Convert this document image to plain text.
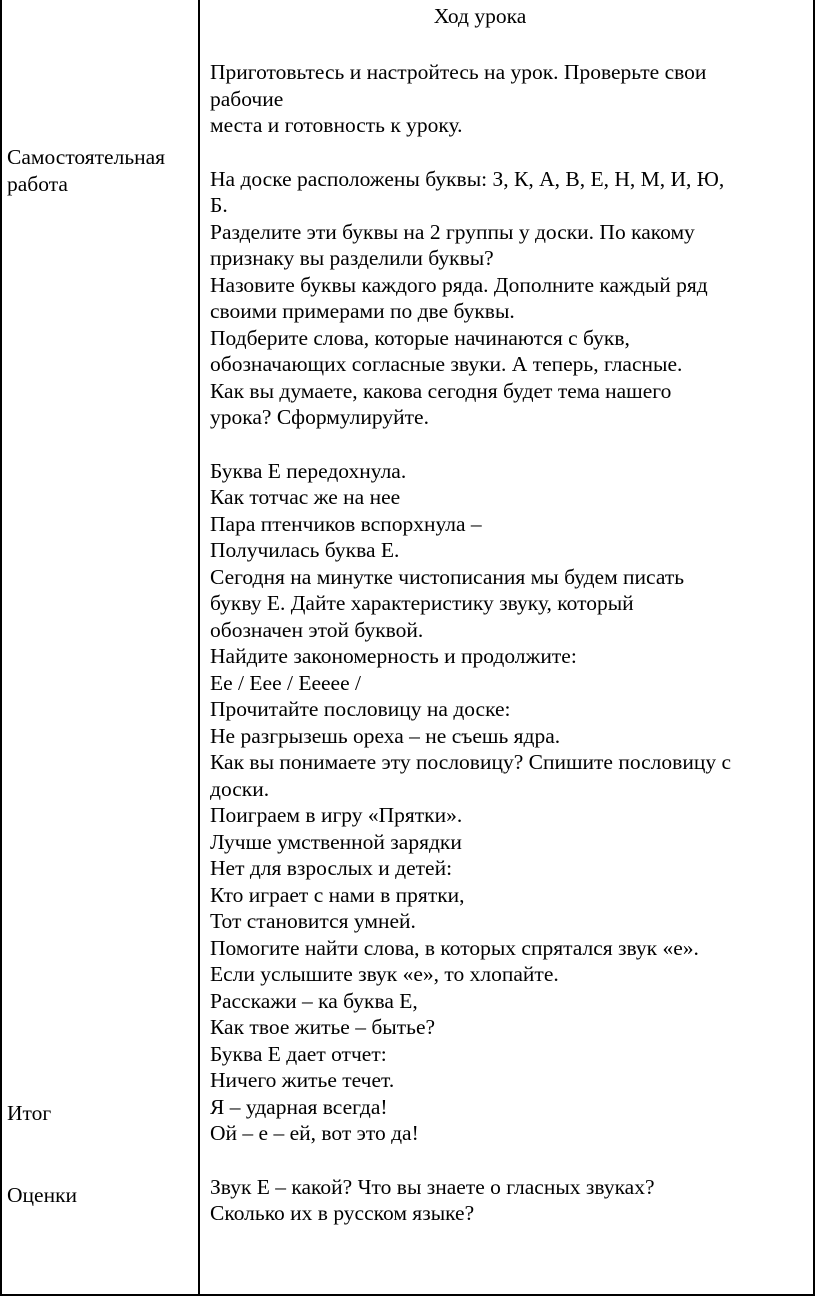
Самостоятельная
работа
Итог
Оценки
Ход урока
Приготовьтесь и настройтесь на урок. Проверьте свои
рабочие
места и готовность к уроку.
На доске расположены буквы: З, К, А, В, Е, Н, М, И, Ю,
Б.
Разделите эти буквы на 2 группы у доски. По какому
признаку вы разделили буквы?
Назовите буквы каждого ряда. Дополните каждый ряд
своими примерами по две буквы.
Подберите слова, которые начинаются с букв,
обозначающих согласные звуки. А теперь, гласные.
Как вы думаете, какова сегодня будет тема нашего
урока? Сформулируйте.
Буква Е передохнула.
Как тотчас же на нее
Пара птенчиков вспорхнула –
Получилась буква Е.
Сегодня на минутке чистописания мы будем писать
букву Е. Дайте характеристику звуку, который
обозначен этой буквой.
Найдите закономерность и продолжите:
Ее / Еее / Ееееe /
Прочитайте пословицу на доске:
Не разгрызешь ореха – не съешь ядра.
Как вы понимаете эту пословицу? Спишите пословицу с
доски.
Поиграем в игру «Прятки».
Лучше умственной зарядки
Нет для взрослых и детей:
Кто играет с нами в прятки,
Тот становится умней.
Помогите найти слова, в которых спрятался звук «е».
Если услышите звук «е», то хлопайте.
Расскажи – ка буква Е,
Как твое житье – бытье?
Буква Е дает отчет:
Ничего житье течет.
Я – ударная всегда!
Ой – е – ей, вот это да!
Звук Е – какой? Что вы знаете о гласных звуках?
Сколько их в русском языке?
